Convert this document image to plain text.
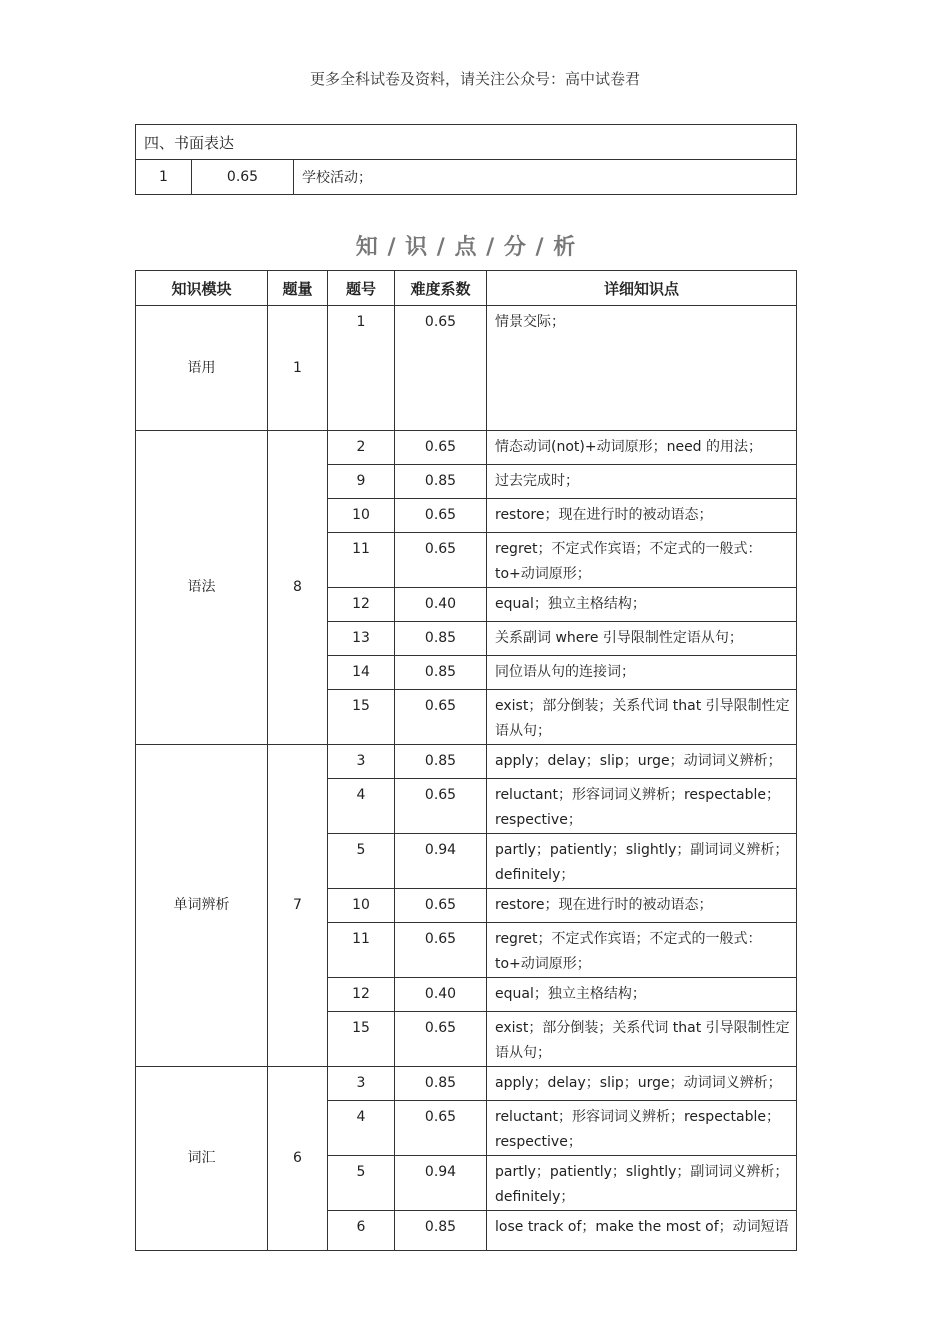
更多全科试卷及资料，请关注公众号：高中试卷君
四、书面表达
1	0.65	学校活动；
知 / 识 / 点 / 分 / 析
知识模块	题量	题号	难度系数	详细知识点
语用	1	1	0.65	情景交际；
语法	8	2	0.65	情态动词(not)+动词原形；need 的用法；
		9	0.85	过去完成时；
		10	0.65	restore；现在进行时的被动语态；
		11	0.65	regret；不定式作宾语；不定式的一般式：to+动词原形；
		12	0.40	equal；独立主格结构；
		13	0.85	关系副词 where 引导限制性定语从句；
		14	0.85	同位语从句的连接词；
		15	0.65	exist；部分倒装；关系代词 that 引导限制性定语从句；
单词辨析	7	3	0.85	apply；delay；slip；urge；动词词义辨析；
		4	0.65	reluctant；形容词词义辨析；respectable；respective；
		5	0.94	partly；patiently；slightly；副词词义辨析；definitely；
		10	0.65	restore；现在进行时的被动语态；
		11	0.65	regret；不定式作宾语；不定式的一般式：to+动词原形；
		12	0.40	equal；独立主格结构；
		15	0.65	exist；部分倒装；关系代词 that 引导限制性定语从句；
词汇	6	3	0.85	apply；delay；slip；urge；动词词义辨析；
		4	0.65	reluctant；形容词词义辨析；respectable；respective；
		5	0.94	partly；patiently；slightly；副词词义辨析；definitely；
		6	0.85	lose track of；make the most of；动词短语
